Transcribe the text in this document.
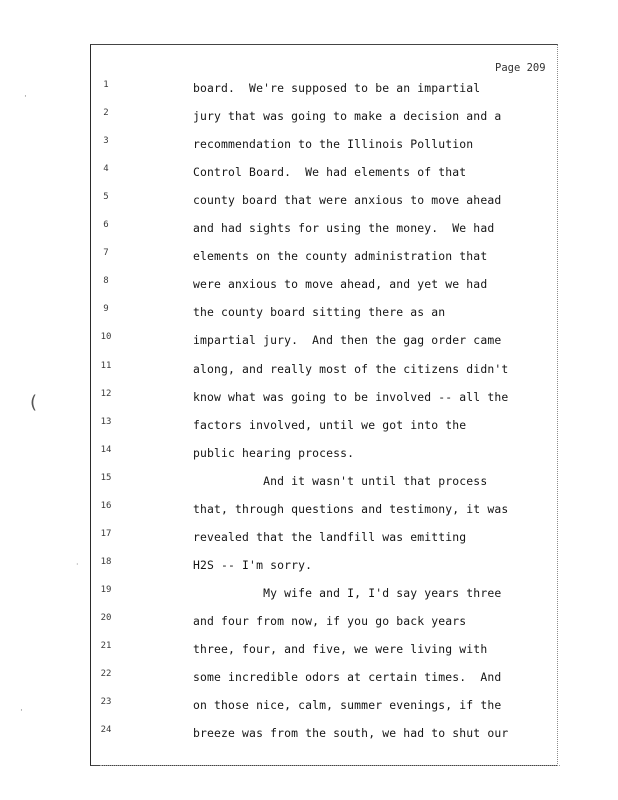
Page 209
·
(
·
·
1	board.  We're supposed to be an impartial
2	jury that was going to make a decision and a
3	recommendation to the Illinois Pollution
4	Control Board.  We had elements of that
5	county board that were anxious to move ahead
6	and had sights for using the money.  We had
7	elements on the county administration that
8	were anxious to move ahead, and yet we had
9	the county board sitting there as an
10	impartial jury.  And then the gag order came
11	along, and really most of the citizens didn't
12	know what was going to be involved -- all the
13	factors involved, until we got into the
14	public hearing process.
15	And it wasn't until that process
16	that, through questions and testimony, it was
17	revealed that the landfill was emitting
18	H2S -- I'm sorry.
19	My wife and I, I'd say years three
20	and four from now, if you go back years
21	three, four, and five, we were living with
22	some incredible odors at certain times.  And
23	on those nice, calm, summer evenings, if the
24	breeze was from the south, we had to shut our
